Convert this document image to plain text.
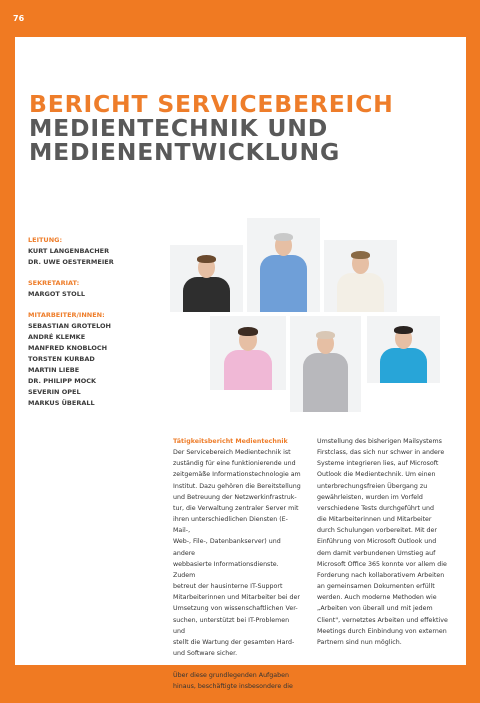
76
BERICHT SERVICEBEREICH
MEDIENTECHNIK UND
MEDIENENTWICKLUNG
LEITUNG:
KURT LANGENBACHER
DR. UWE OESTERMEIER
SEKRETARIAT:
MARGOT STOLL
MITARBEITER/INNEN:
SEBASTIAN GROTELOH
ANDRÉ KLEMKE
MANFRED KNOBLOCH
TORSTEN KURBAD
MARTIN LIEBE
DR. PHILIPP MOCK
SEVERIN OPEL
MARKUS ÜBERALL
Tätigkeitsbericht Medientechnik
Der Servicebereich Medientechnik ist
zuständig für eine funktionierende und
zeitgemäße Informationstechnologie am
Institut. Dazu gehören die Bereitstellung
und Betreuung der Netzwerkinfrastruk-
tur, die Verwaltung zentraler Server mit
ihren unterschiedlichen Diensten (E-Mail-,
Web-, File-, Datenbankserver) und andere
webbasierte Informationsdienste. Zudem
betreut der hausinterne IT-Support
Mitarbeiterinnen und Mitarbeiter bei der
Umsetzung von wissenschaftlichen Ver-
suchen, unterstützt bei IT-Problemen und
stellt die Wartung der gesamten Hard-
und Software sicher.
Über diese grundlegenden Aufgaben
hinaus, beschäftigte insbesondere die
Umstellung des bisherigen Mailsystems
Firstclass, das sich nur schwer in andere
Systeme integrieren lies, auf Microsoft
Outlook die Medientechnik. Um einen
unterbrechungsfreien Übergang zu
gewährleisten, wurden im Vorfeld
verschiedene Tests durchgeführt und
die Mitarbeiterinnen und Mitarbeiter
durch Schulungen vorbereitet. Mit der
Einführung von Microsoft Outlook und
dem damit verbundenen Umstieg auf
Microsoft Office 365 konnte vor allem die
Forderung nach kollaborativem Arbeiten
an gemeinsamen Dokumenten erfüllt
werden. Auch moderne Methoden wie
„Arbeiten von überall und mit jedem
Client", vernetztes Arbeiten und effektive
Meetings durch Einbindung von externen
Partnern sind nun möglich.
